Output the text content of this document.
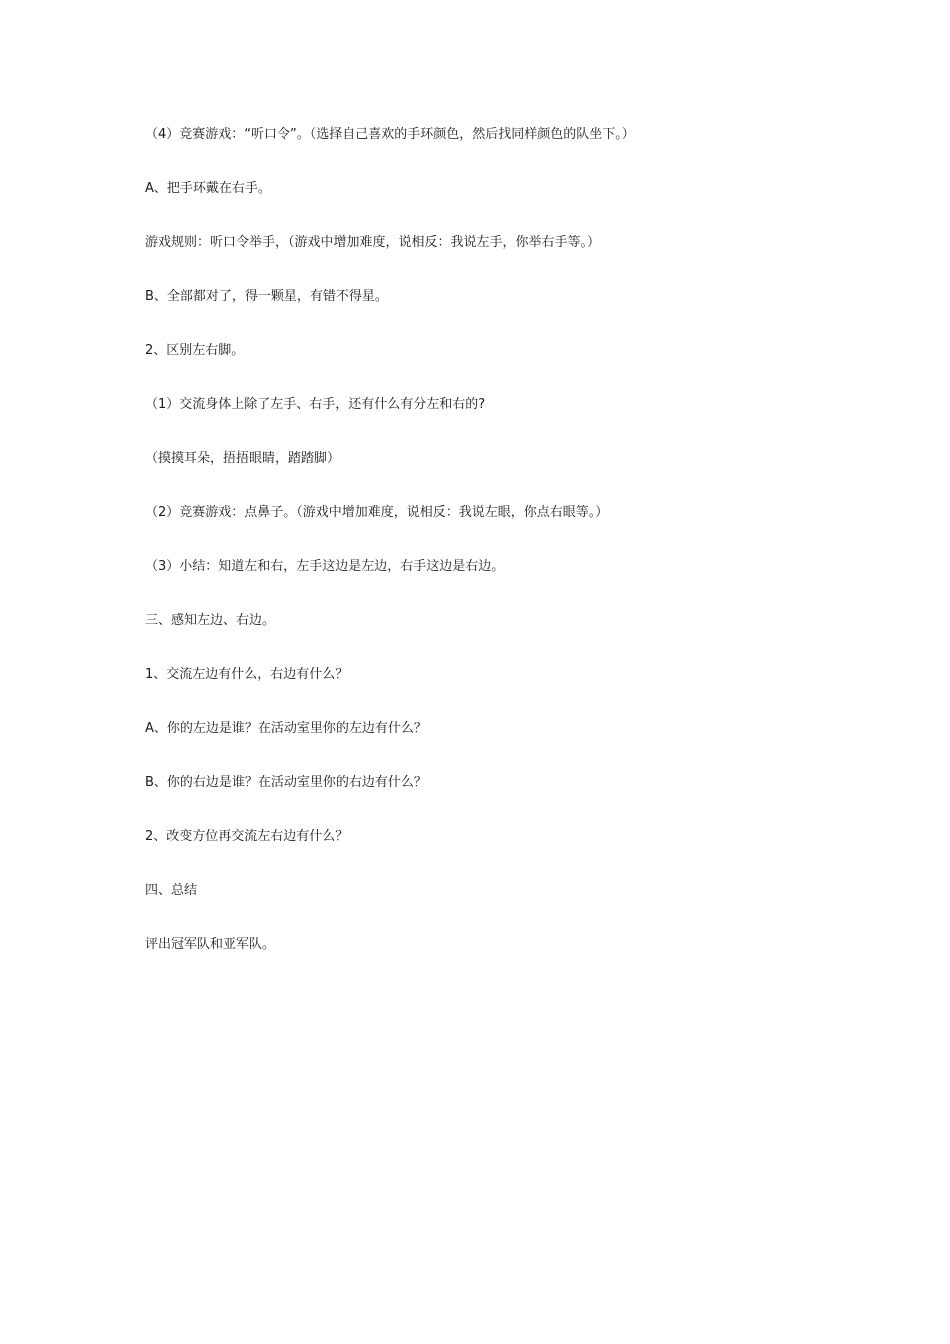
（4）竞赛游戏：“听口令”。（选择自己喜欢的手环颜色，然后找同样颜色的队坐下。）

A、把手环戴在右手。

游戏规则：听口令举手，（游戏中增加难度，说相反：我说左手，你举右手等。）

B、全部都对了，得一颗星，有错不得星。

2、区别左右脚。

（1）交流身体上除了左手、右手，还有什么有分左和右的?

（摸摸耳朵，捂捂眼睛，踏踏脚）

（2）竞赛游戏：点鼻子。（游戏中增加难度，说相反：我说左眼，你点右眼等。）

（3）小结：知道左和右，左手这边是左边，右手这边是右边。

三、感知左边、右边。

1、交流左边有什么，右边有什么？

A、你的左边是谁？在活动室里你的左边有什么？

B、你的右边是谁？在活动室里你的右边有什么？

2、改变方位再交流左右边有什么？

四、总结

评出冠军队和亚军队。
